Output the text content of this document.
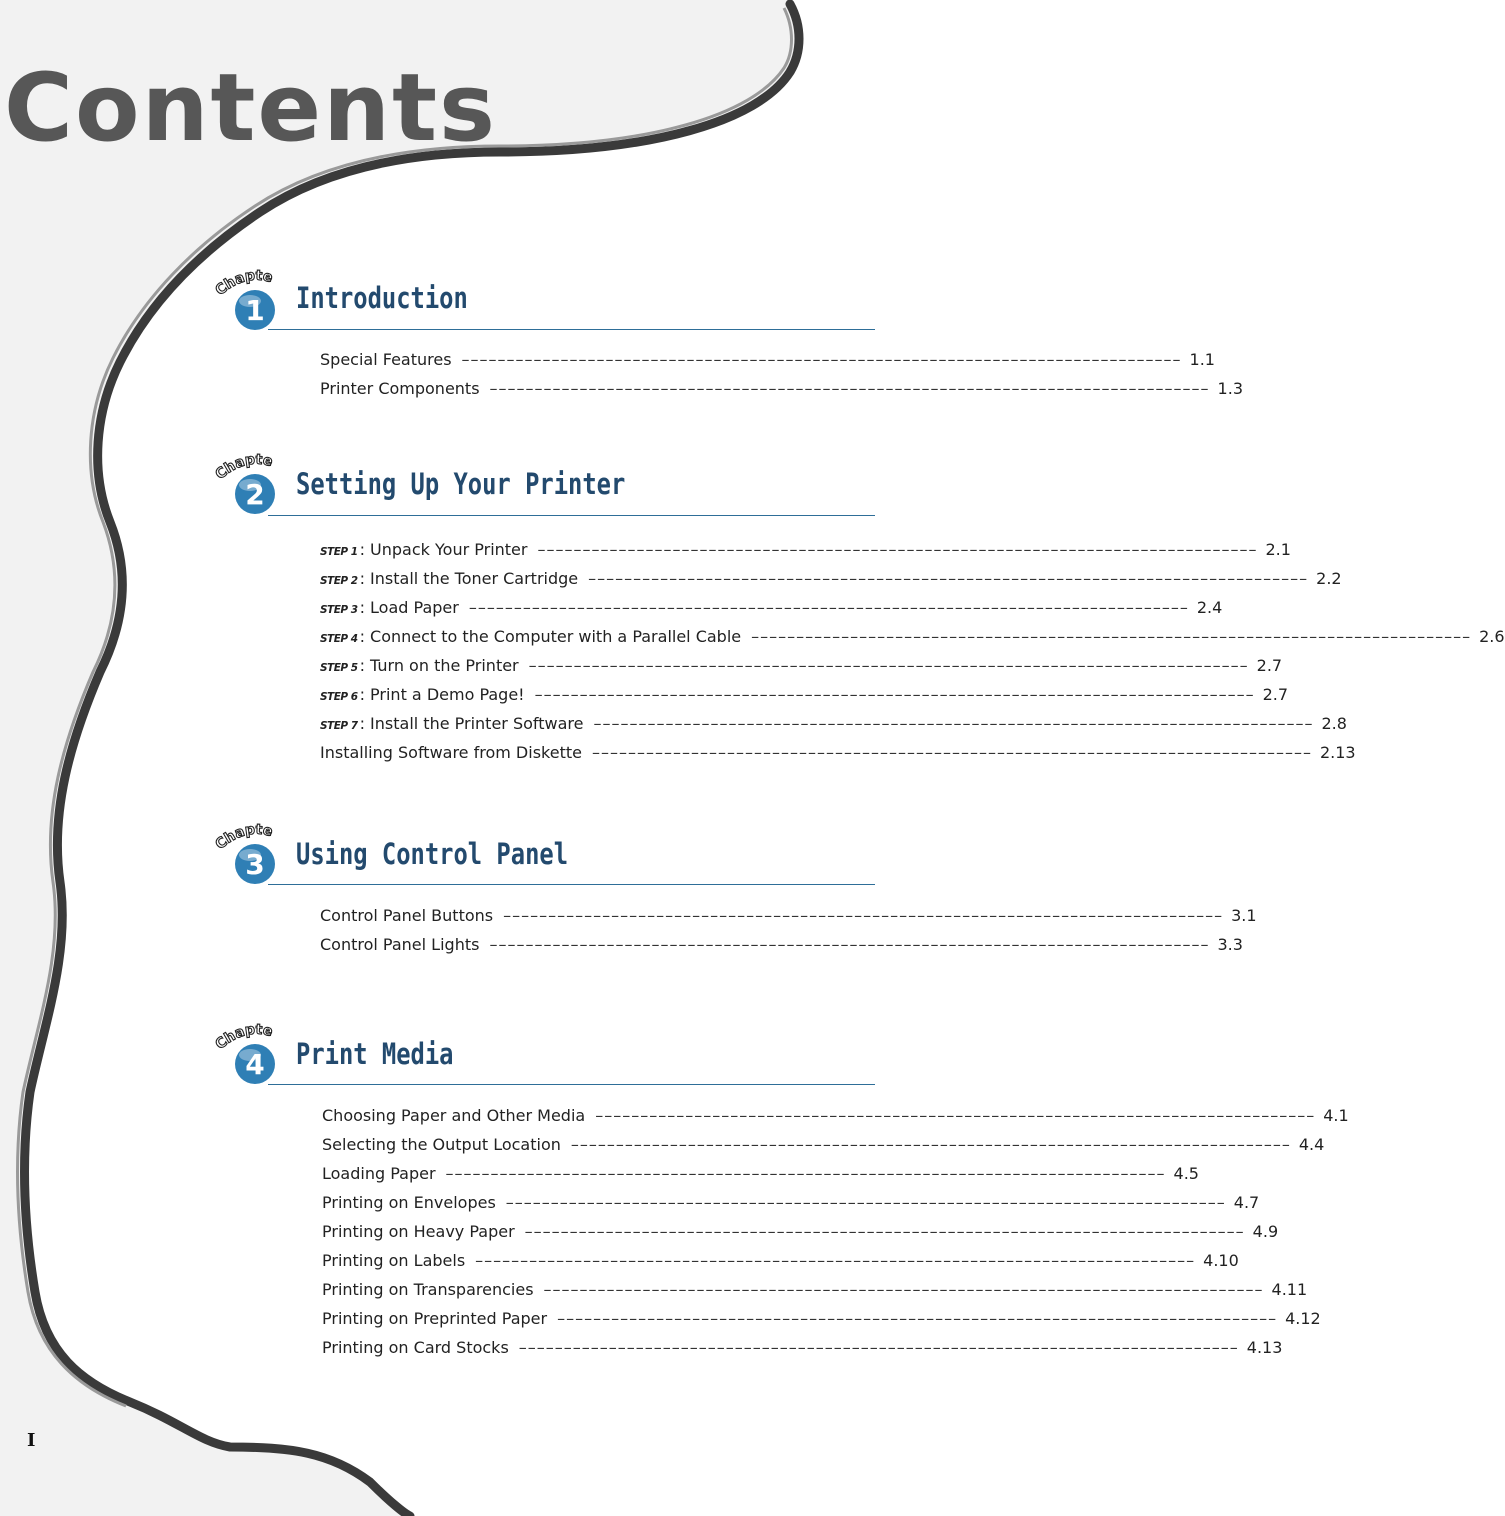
Contents
Chapte
1 Introduction
Special Features –––––––––––––––––––––––––––––––––––––––––––––––––––––––––––––––––––––––––––––––– 1.1
Printer Components –––––––––––––––––––––––––––––––––––––––––––––––––––––––––––––––––––––––––––––––– 1.3
Chapte
2 Setting Up Your Printer
STEP 1 : Unpack Your Printer –––––––––––––––––––––––––––––––––––––––––––––––––––––––––––––––––––––––––––––––– 2.1
STEP 2 : Install the Toner Cartridge –––––––––––––––––––––––––––––––––––––––––––––––––––––––––––––––––––––––––––––––– 2.2
STEP 3 : Load Paper –––––––––––––––––––––––––––––––––––––––––––––––––––––––––––––––––––––––––––––––– 2.4
STEP 4 : Connect to the Computer with a Parallel Cable –––––––––––––––––––––––––––––––––––––––––––––––––––––––––––––––––––––––––––––––– 2.6
STEP 5 : Turn on the Printer –––––––––––––––––––––––––––––––––––––––––––––––––––––––––––––––––––––––––––––––– 2.7
STEP 6 : Print a Demo Page! –––––––––––––––––––––––––––––––––––––––––––––––––––––––––––––––––––––––––––––––– 2.7
STEP 7 : Install the Printer Software –––––––––––––––––––––––––––––––––––––––––––––––––––––––––––––––––––––––––––––––– 2.8
Installing Software from Diskette –––––––––––––––––––––––––––––––––––––––––––––––––––––––––––––––––––––––––––––––– 2.13
Chapte
3 Using Control Panel
Control Panel Buttons –––––––––––––––––––––––––––––––––––––––––––––––––––––––––––––––––––––––––––––––– 3.1
Control Panel Lights –––––––––––––––––––––––––––––––––––––––––––––––––––––––––––––––––––––––––––––––– 3.3
Chapte
4 Print Media
Choosing Paper and Other Media –––––––––––––––––––––––––––––––––––––––––––––––––––––––––––––––––––––––––––––––– 4.1
Selecting the Output Location –––––––––––––––––––––––––––––––––––––––––––––––––––––––––––––––––––––––––––––––– 4.4
Loading Paper –––––––––––––––––––––––––––––––––––––––––––––––––––––––––––––––––––––––––––––––– 4.5
Printing on Envelopes –––––––––––––––––––––––––––––––––––––––––––––––––––––––––––––––––––––––––––––––– 4.7
Printing on Heavy Paper –––––––––––––––––––––––––––––––––––––––––––––––––––––––––––––––––––––––––––––––– 4.9
Printing on Labels –––––––––––––––––––––––––––––––––––––––––––––––––––––––––––––––––––––––––––––––– 4.10
Printing on Transparencies –––––––––––––––––––––––––––––––––––––––––––––––––––––––––––––––––––––––––––––––– 4.11
Printing on Preprinted Paper –––––––––––––––––––––––––––––––––––––––––––––––––––––––––––––––––––––––––––––––– 4.12
Printing on Card Stocks –––––––––––––––––––––––––––––––––––––––––––––––––––––––––––––––––––––––––––––––– 4.13
I
